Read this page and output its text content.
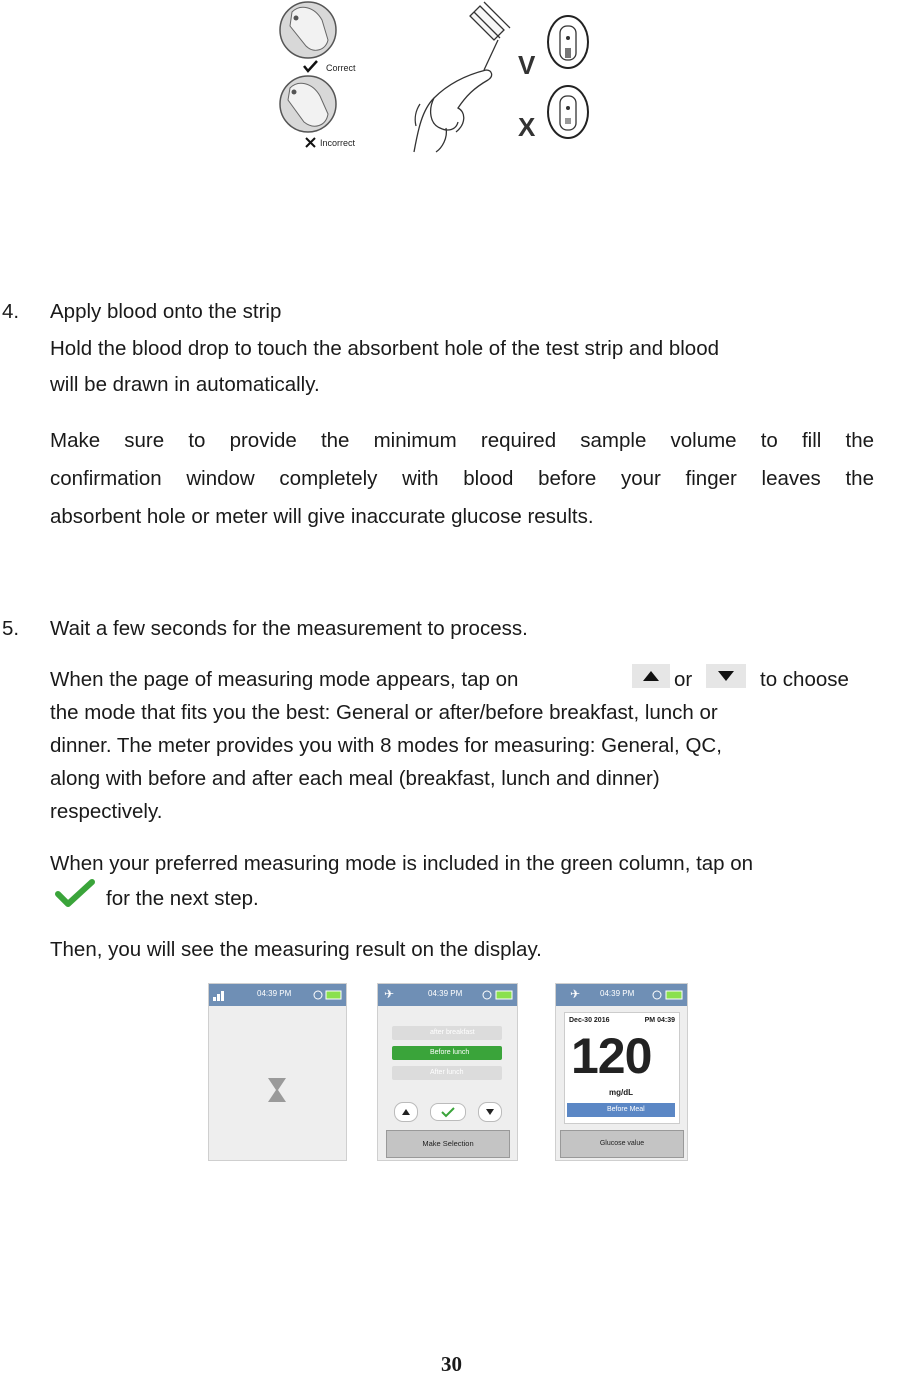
Correct
Incorrect
V
X
4. Apply blood onto the strip
Hold the blood drop to touch the absorbent hole of the test strip and blood
will be drawn in automatically.
Make sure to provide the minimum required sample volume to fill the
confirmation window completely with blood before your finger leaves the
absorbent hole or meter will give inaccurate glucose results.
5. Wait a few seconds for the measurement to process.
When the page of measuring mode appears, tap on	or	to choose
the mode that fits you the best: General or after/before breakfast, lunch or
dinner. The meter provides you with 8 modes for measuring: General, QC,
along with before and after each meal (breakfast, lunch and dinner)
respectively.
When your preferred measuring mode is included in the green column, tap on
for the next step.
Then, you will see the measuring result on the display.
04:39 PM	✈	04:39 PM
after breakfast
Before lunch
After lunch
Make Selection
✈ 04:39 PM
Dec-30 2016	PM 04:39
120
mg/dL
Before Meal
Glucose value
30
